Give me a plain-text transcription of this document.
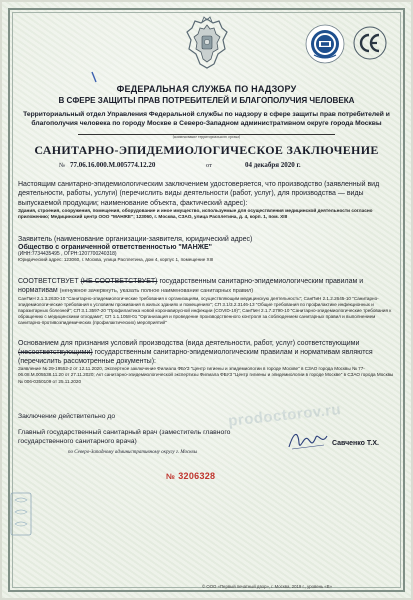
ФЕДЕРАЛЬНАЯ СЛУЖБА ПО НАДЗОРУ
В СФЕРЕ ЗАЩИТЫ ПРАВ ПОТРЕБИТЕЛЕЙ И БЛАГОПОЛУЧИЯ ЧЕЛОВЕКА
Территориальный отдел Управления Федеральной службы по надзору в сфере защиты прав потребителей и благополучия человека по городу Москве в Северо-Западном административном округе города Москвы
(наименование территориального органа)
САНИТАРНО-ЭПИДЕМИОЛОГИЧЕСКОЕ ЗАКЛЮЧЕНИЕ
№ 77.06.16.000.М.005774.12.20	от	04 декабря 2020 г.
Настоящим санитарно-эпидемиологическим заключением удостоверяется, что производство (заявленный вид деятельности, работы, услуги) (перечислить виды деятельности (работ, услуг), для производства — виды выпускаемой продукции; наименование объекта, фактический адрес):
Здания, строения, сооружения, помещения, оборудование и иное имущество, используемые для осуществления медицинской деятельности согласно приложению; Медицинский центр ООО "МАНЖЕ"; 123060, г. Москва, СЗАО, улица Расплетина, д. 4, корп. 1, пом. XIII
Заявитель (наименование организации-заявителя, юридический адрес)
Общество с ограниченной ответственностью "МАНЖЕ"
(ИНН:7734435495 , ОГРН:1207700240318)
Юридический адрес: 123060, г. Москва, улица Расплетина, дом 4, корпус 1, помещение XIII
СООТВЕТСТВУЕТ (НЕ СООТВЕТСТВУЕТ) государственным санитарно-эпидемиологическим правилам и нормативам (ненужное зачеркнуть, указать полное наименование санитарных правил)
СанПиН 2.1.3.2630-10 "Санитарно-эпидемиологические требования к организациям, осуществляющим медицинскую деятельность"; СанПиН 2.1.2.2645-10 "Санитарно-эпидемиологические требования к условиям проживания в жилых зданиях и помещениях"; СП 3.1/3.2.3146-13 "Общие требования по профилактике инфекционных и паразитарных болезней"; СП 3.1.3597-20 "Профилактика новой коронавирусной инфекции (COVID-19)"; СанПиН 2.1.7.2790-10 "Санитарно-эпидемиологические требования к обращению с медицинскими отходами"; СП 1.1.1058-01 "Организация и проведение производственного контроля за соблюдением санитарных правил и выполнением санитарно-противоэпидемических (профилактических) мероприятий"
Основанием для признания условий производства (вида деятельности, работ, услуг) соответствующими (несоответствующими) государственным санитарно-эпидемиологическим правилам и нормативам являются (перечислить рассмотренные документы):
Заявление № 29-19552-2 от 12.11.2020, Экспертное заключение Филиала ФБУЗ "Центр гигиены и эпидемиологии в городе Москве" в СЗАО города Москвы № 77-06.08.М.005538.11.20 от 27.11.2020; Акт санитарно-эпидемиологической экспертизы Филиала ФБУЗ "Центр гигиены и эпидемиологии в городе Москве" в СЗАО города Москвы № 006-0350109 от 25.11.2020
Заключение действительно до
Главный государственный санитарный врач (заместитель главного государственного санитарного врача)
по Северо-Западному административному округу г. Москвы
Савченко Т.Х.
№ 3206328
prodoctorov.ru
© ООО «Первый печатный двор», г. Москва, 2019 г., уровень «В»
